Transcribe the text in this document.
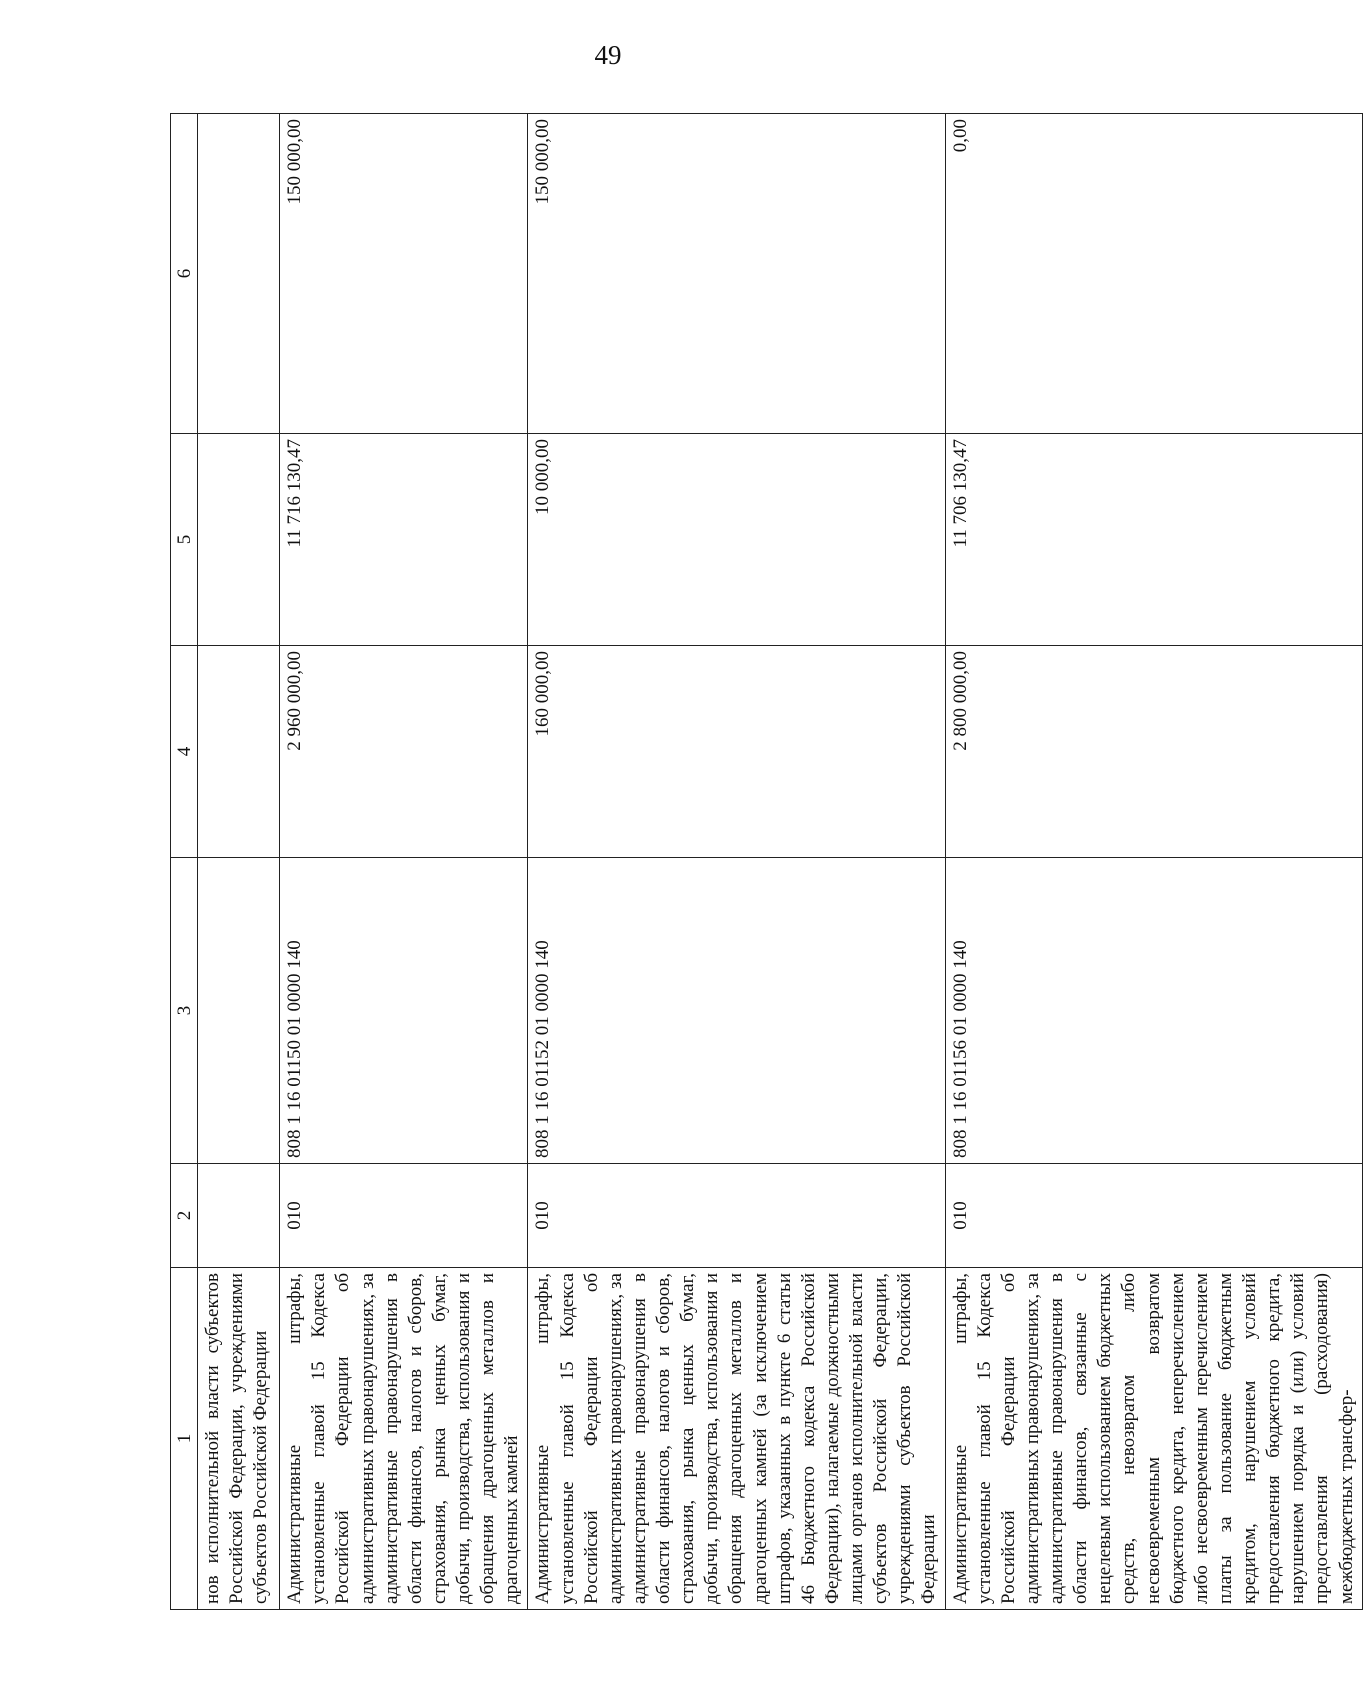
49
1	2	3	4	5	6
нов исполнительной власти субъектов Российской Федерации, учреждениями субъектов Российской Федерации					
Административные штрафы, установленные главой 15 Кодекса Российской Федерации об административных правонарушениях, за административные правонарушения в области финансов, налогов и сборов, страхования, рынка ценных бумаг, добычи, производства, использования и обращения драгоценных металлов и драгоценных камней	010	808 1 16 01150 01 0000 140	2 960 000,00	11 716 130,47	150 000,00
Административные штрафы, установленные главой 15 Кодекса Российской Федерации об административных правонарушениях, за административные правонарушения в области финансов, налогов и сборов, страхования, рынка ценных бумаг, добычи, производства, использования и обращения драгоценных металлов и драгоценных камней (за исключением штрафов, указанных в пункте 6 статьи 46 Бюджетного кодекса Российской Федерации), налагаемые должностными лицами органов исполнительной власти субъектов Российской Федерации, учреждениями субъектов Российской Федерации	010	808 1 16 01152 01 0000 140	160 000,00	10 000,00	150 000,00
Административные штрафы, установленные главой 15 Кодекса Российской Федерации об административных правонарушениях, за административные правонарушения в области финансов, связанные с нецелевым использованием бюджетных средств, невозвратом либо несвоевременным возвратом бюджетного кредита, неперечислением либо несвоевременным перечислением платы за пользование бюджетным кредитом, нарушением условий предоставления бюджетного кредита, нарушением порядка и (или) условий предоставления (расходования) межбюджетных трансфер-	010	808 1 16 01156 01 0000 140	2 800 000,00	11 706 130,47	0,00
